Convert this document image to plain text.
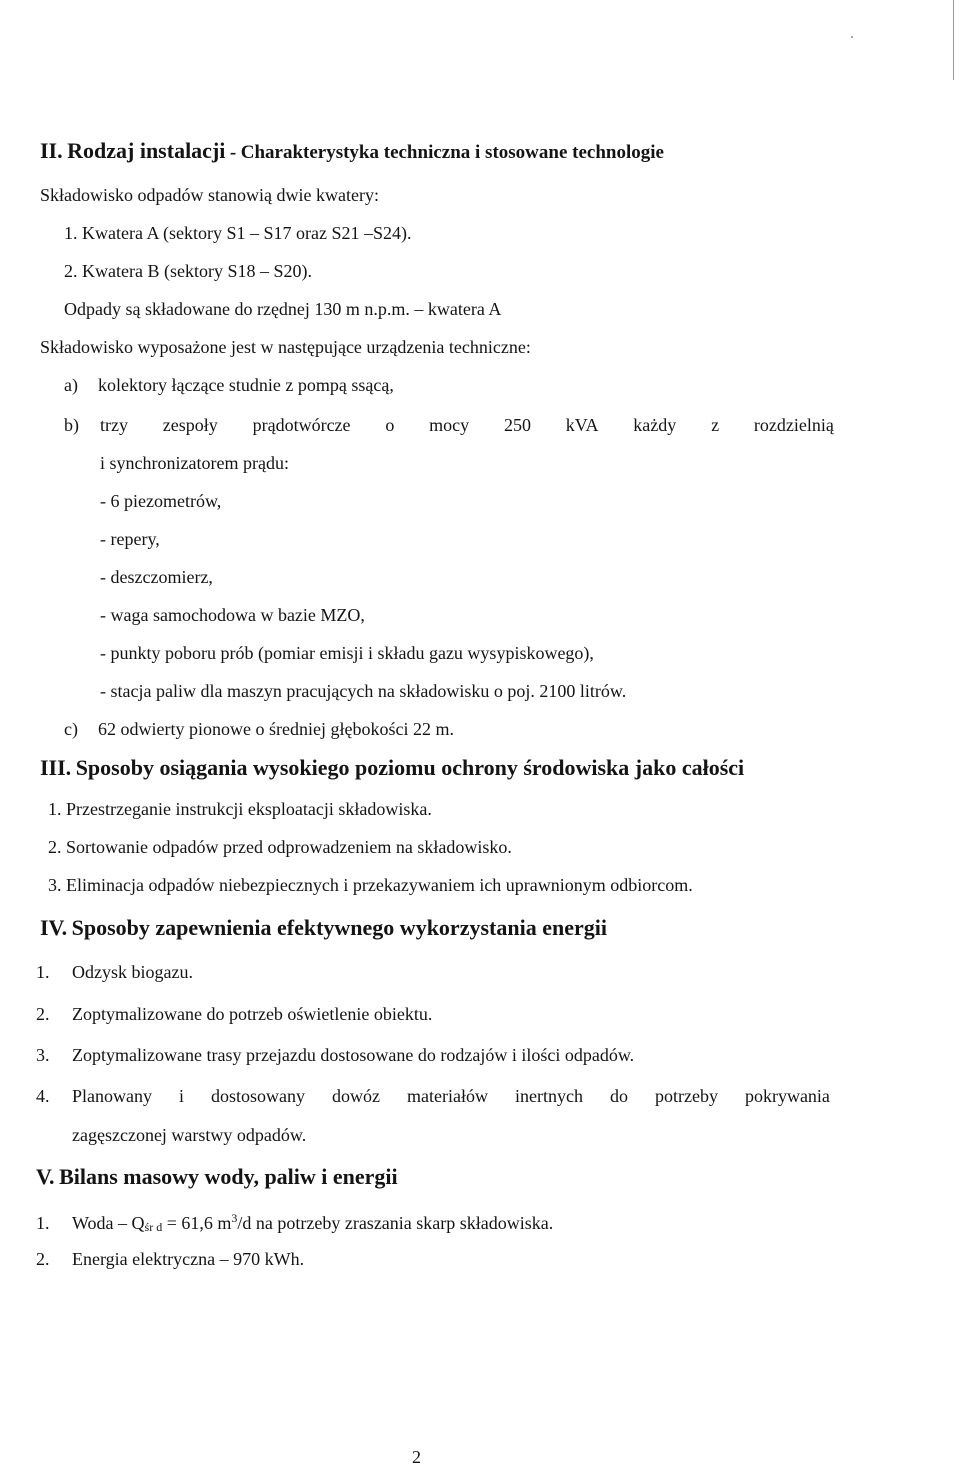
II. Rodzaj instalacji - Charakterystyka techniczna i stosowane technologie
Składowisko odpadów stanowią dwie kwatery:
1. Kwatera A (sektory S1 – S17 oraz S21 –S24).
2. Kwatera B (sektory S18 – S20).
Odpady są składowane do rzędnej 130 m n.p.m. – kwatera A
Składowisko wyposażone jest w następujące urządzenia techniczne:
a) kolektory łączące studnie z pompą ssącą,
b)	trzy zespoły prądotwórcze o mocy 250 kVA każdy z rozdzielnią
i synchronizatorem prądu:
- 6 piezometrów,
- repery,
- deszczomierz,
- waga samochodowa w bazie MZO,
- punkty poboru prób (pomiar emisji i składu gazu wysypiskowego),
- stacja paliw dla maszyn pracujących na składowisku o poj. 2100 litrów.
c) 62 odwierty pionowe o średniej głębokości 22 m.
III. Sposoby osiągania wysokiego poziomu ochrony środowiska jako całości
1. Przestrzeganie instrukcji eksploatacji składowiska.
2. Sortowanie odpadów przed odprowadzeniem na składowisko.
3. Eliminacja odpadów niebezpiecznych i przekazywaniem ich uprawnionym odbiorcom.
IV. Sposoby zapewnienia efektywnego wykorzystania energii
1. Odzysk biogazu.
2. Zoptymalizowane do potrzeb oświetlenie obiektu.
3. Zoptymalizowane trasy przejazdu dostosowane do rodzajów i ilości odpadów.
4. Planowany i dostosowany dowóz materiałów inertnych do potrzeby pokrywania
zagęszczonej warstwy odpadów.
V. Bilans masowy wody, paliw i energii
1. Woda – $Q_{śr d} = 61,6$ $m^3/d$ na potrzeby zraszania skarp składowiska.
2. Energia elektryczna – 970 kWh.
2
